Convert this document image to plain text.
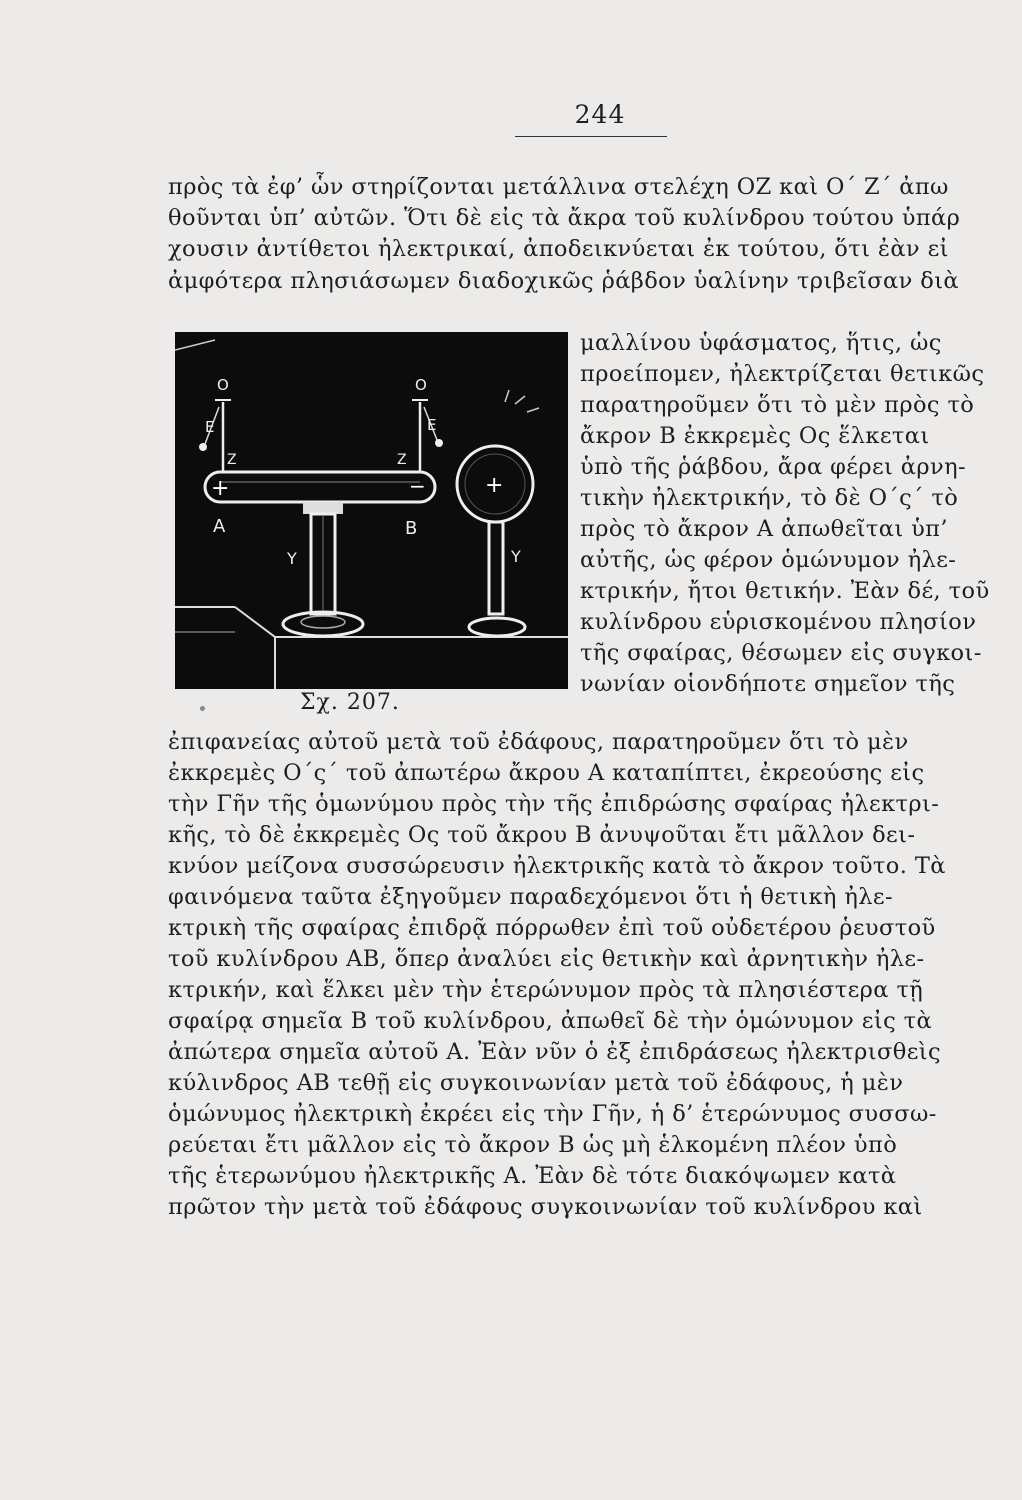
244
πρὸς τὰ ἐφ’ ὧν στηρίζονται μετάλλινα στελέχη ΟΖ καὶ Ο΄ Ζ΄ ἀπω
θοῦνται ὑπ’ αὐτῶν. Ὅτι δὲ εἰς τὰ ἄκρα τοῦ κυλίνδρου τούτου ὑπάρ
χουσιν ἀντίθετοι ἠλεκτρικαί, ἀποδεικνύεται ἐκ τούτου, ὅτι ἐὰν εἰ
ἀμφότερα πλησιάσωμεν διαδοχικῶς ῥάβδον ὑαλίνην τριβεῖσαν διὰ
Ο	Ο
Ε	Ε
Ζ	Ζ
+	−	+
Α	Β
Υ	Υ
μαλλίνου ὑφάσματος, ἥτις, ὡς
προείπομεν, ἠλεκτρίζεται θετικῶς
παρατηροῦμεν ὅτι τὸ μὲν πρὸς τὸ
ἄκρον Β ἐκκρεμὲς Ος ἕλκεται
ὑπὸ τῆς ῥάβδου, ἄρα φέρει ἀρνη-
τικὴν ἠλεκτρικήν, τὸ δὲ Ο΄ς΄ τὸ
πρὸς τὸ ἄκρον Α ἀπωθεῖται ὑπ’
αὐτῆς, ὡς φέρον ὁμώνυμον ἠλε-
κτρικήν, ἤτοι θετικήν. Ἐὰν δέ, τοῦ
κυλίνδρου εὑρισκομένου πλησίον
τῆς σφαίρας, θέσωμεν εἰς συγκοι-
νωνίαν οἱονδήποτε σημεῖον τῆς
Σχ. 207.
ἐπιφανείας αὐτοῦ μετὰ τοῦ ἐδάφους, παρατηροῦμεν ὅτι τὸ μὲν
ἐκκρεμὲς Ο΄ς΄ τοῦ ἀπωτέρω ἄκρου Α καταπίπτει, ἐκρεούσης εἰς
τὴν Γῆν τῆς ὁμωνύμου πρὸς τὴν τῆς ἐπιδρώσης σφαίρας ἠλεκτρι-
κῆς, τὸ δὲ ἐκκρεμὲς Ος τοῦ ἄκρου Β ἀνυψοῦται ἔτι μᾶλλον δει-
κνύον μείζονα συσσώρευσιν ἠλεκτρικῆς κατὰ τὸ ἄκρον τοῦτο. Τὰ
φαινόμενα ταῦτα ἐξηγοῦμεν παραδεχόμενοι ὅτι ἡ θετικὴ ἠλε-
κτρικὴ τῆς σφαίρας ἐπιδρᾷ πόρρωθεν ἐπὶ τοῦ οὐδετέρου ῥευστοῦ
τοῦ κυλίνδρου ΑΒ, ὅπερ ἀναλύει εἰς θετικὴν καὶ ἀρνητικὴν ἠλε-
κτρικήν, καὶ ἕλκει μὲν τὴν ἑτερώνυμον πρὸς τὰ πλησιέστερα τῇ
σφαίρᾳ σημεῖα Β τοῦ κυλίνδρου, ἀπωθεῖ δὲ τὴν ὁμώνυμον εἰς τὰ
ἀπώτερα σημεῖα αὐτοῦ Α. Ἐὰν νῦν ὁ ἐξ ἐπιδράσεως ἠλεκτρισθεὶς
κύλινδρος ΑΒ τεθῇ εἰς συγκοινωνίαν μετὰ τοῦ ἐδάφους, ἡ μὲν
ὁμώνυμος ἠλεκτρικὴ ἐκρέει εἰς τὴν Γῆν, ἡ δ’ ἑτερώνυμος συσσω-
ρεύεται ἔτι μᾶλλον εἰς τὸ ἄκρον Β ὡς μὴ ἑλκομένη πλέον ὑπὸ
τῆς ἑτερωνύμου ἠλεκτρικῆς Α. Ἐὰν δὲ τότε διακόψωμεν κατὰ
πρῶτον τὴν μετὰ τοῦ ἐδάφους συγκοινωνίαν τοῦ κυλίνδρου καὶ
